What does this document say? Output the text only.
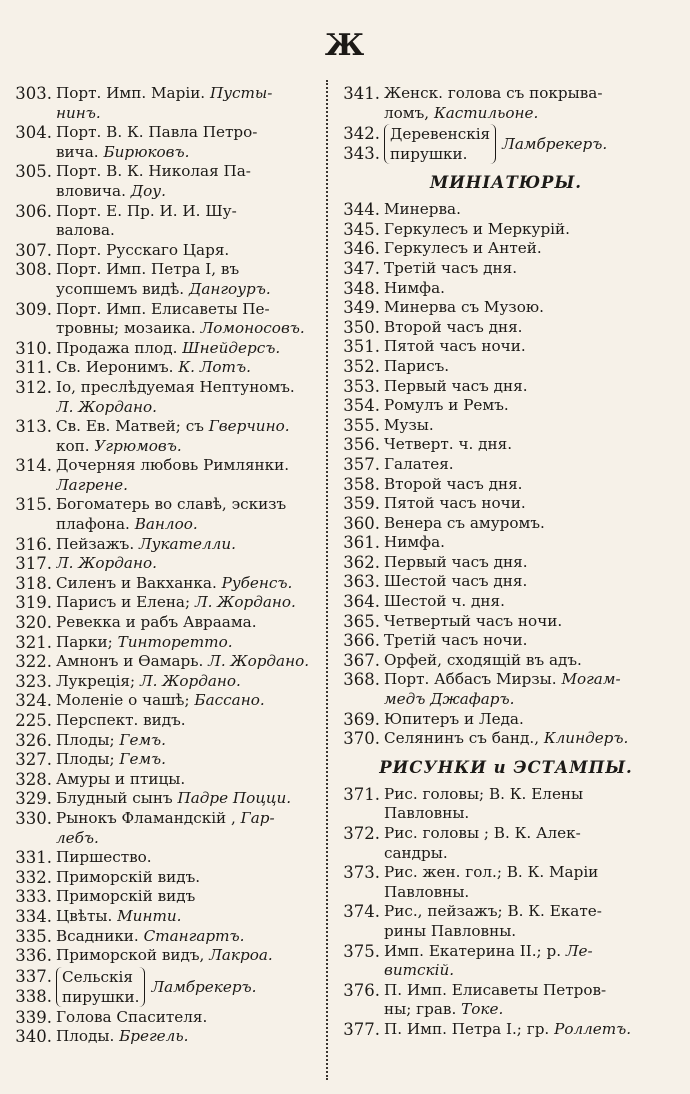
Ж
303. Порт. Имп. Марiи. Пусты-
нинъ.
304. Порт. В. К. Павла Петро-
вича. Бирюковъ.
305. Порт. В. К. Николая Па-
вловича. Доу.
306. Порт. Е. Пр. И. И. Шу-
валова.
307. Порт. Русскаго Царя.
308. Порт. Имп. Петра I, въ
усопшемъ видѣ. Дангоуръ.
309. Порт. Имп. Елисаветы Пе-
тровны; мозаика. Ломоносовъ.
310. Продажа плод. Шнейдерсъ.
311. Св. Иеронимъ. К. Лотъ.
312. Io, преслѣдуемая Нептуномъ.
Л. Жордано.
313. Св. Ев. Матвей; съ Гверчино.
коп. Угрюмовъ.
314. Дочерняя любовь Римлянки.
Лагрене.
315. Богоматерь во славѣ, эскизъ
плафона. Ванлоо.
316. Пейзажъ. Лукателли.
317. Л. Жордано.
318. Силенъ и Вакханка. Рубенсъ.
319. Парисъ и Елена; Л. Жордано.
320. Ревекка и рабъ Авраама.
321. Парки; Тинторетто.
322. Амнонъ и Өамарь. Л. Жордано.
323. Лукреція; Л. Жордано.
324. Моленіе о чашѣ; Бассано.
225. Перспект. видъ.
326. Плоды; Гемъ.
327. Плоды; Гемъ.
328. Амуры и птицы.
329. Блудный сынъ Падре Поцци.
330. Рынокъ Фламандскій , Гар-
лебъ.
331. Пиршество.
332. Приморскій видъ.
333. Приморскій видъ
334. Цвѣты. Минти.
335. Всадники. Стангартъ.
336. Приморской видъ, Лакроа.
337.
338.
Сельскія
пирушки.
Ламбрекеръ.
339. Голова Спасителя.
340. Плоды. Брегель.
341. Женск. голова съ покрыва-
ломъ, Кастильоне.
342.
343.
Деревенскія
пирушки.
Ламбрекеръ.
МИНІАТЮРЫ.
344. Минерва.
345. Геркулесъ и Меркурій.
346. Геркулесъ и Антей.
347. Третій часъ дня.
348. Нимфа.
349. Минерва съ Музою.
350. Второй часъ дня.
351. Пятой часъ ночи.
352. Парисъ.
353. Первый часъ дня.
354. Ромулъ и Ремъ.
355. Музы.
356. Четверт. ч. дня.
357. Галатея.
358. Второй часъ дня.
359. Пятой часъ ночи.
360. Венера съ амуромъ.
361. Нимфа.
362. Первый часъ дня.
363. Шестой часъ дня.
364. Шестой ч. дня.
365. Четвертый часъ ночи.
366. Третій часъ ночи.
367. Орфей, сходящій въ адъ.
368. Порт. Аббасъ Мирзы. Могам-
медъ Джафаръ.
369. Юпитеръ и Леда.
370. Селянинъ съ банд., Клиндеръ.
РИСУНКИ и ЭСТАМПЫ.
371. Рис. головы; В. К. Елены
Павловны.
372. Рис. головы ; В. К. Алек-
сандры.
373. Рис. жен. гол.; В. К. Маріи
Павловны.
374. Рис., пейзажъ; В. К. Екате-
рины Павловны.
375. Имп. Екатерина II.; р. Ле-
витскій.
376. П. Имп. Елисаветы Петров-
ны; грав. Токе.
377. П. Имп. Петра I.; гр. Роллетъ.
